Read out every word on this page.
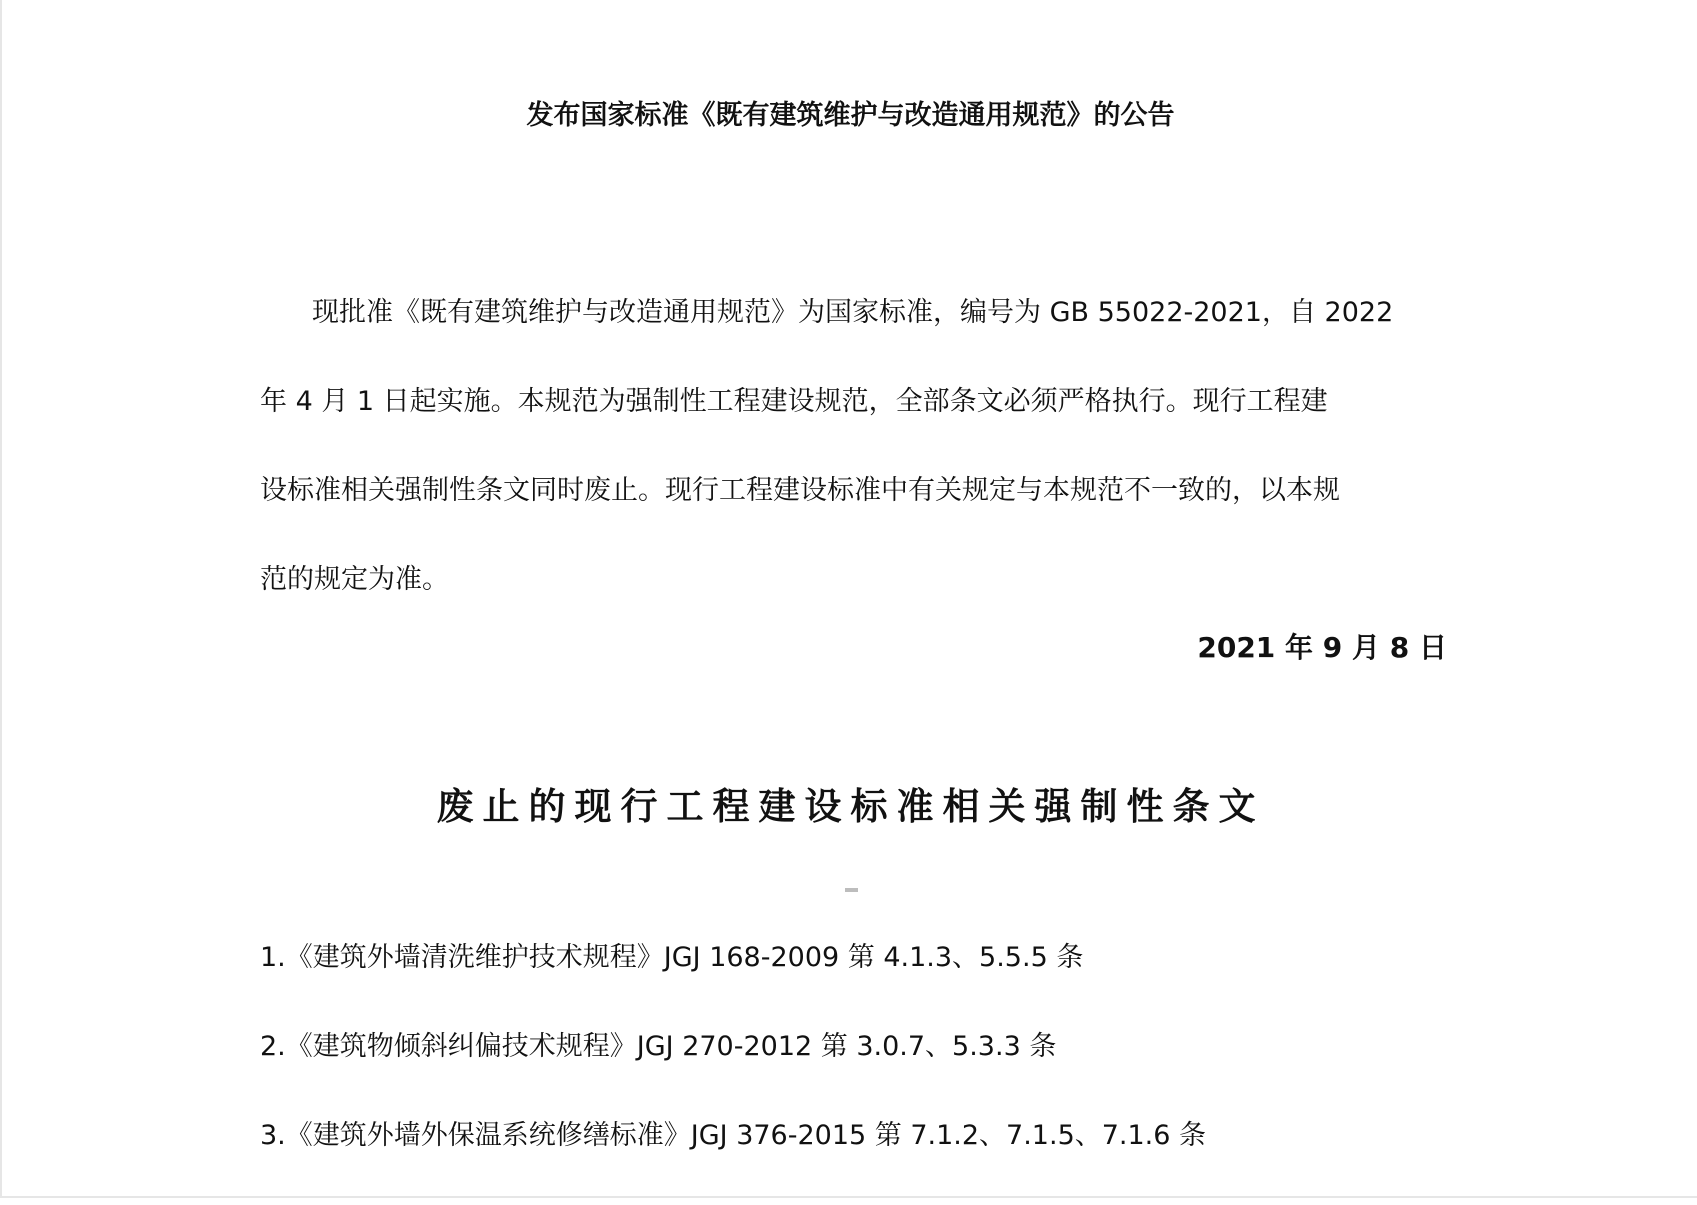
发布国家标准《既有建筑维护与改造通用规范》的公告
现批准《既有建筑维护与改造通用规范》为国家标准，编号为 GB 55022-2021，自 2022
年 4 月 1 日起实施。本规范为强制性工程建设规范，全部条文必须严格执行。现行工程建
设标准相关强制性条文同时废止。现行工程建设标准中有关规定与本规范不一致的，以本规
范的规定为准。
2021 年 9 月 8 日
废止的现行工程建设标准相关强制性条文
1.《建筑外墙清洗维护技术规程》JGJ 168-2009 第 4.1.3、5.5.5 条
2.《建筑物倾斜纠偏技术规程》JGJ 270-2012 第 3.0.7、5.3.3 条
3.《建筑外墙外保温系统修缮标准》JGJ 376-2015 第 7.1.2、7.1.5、7.1.6 条
